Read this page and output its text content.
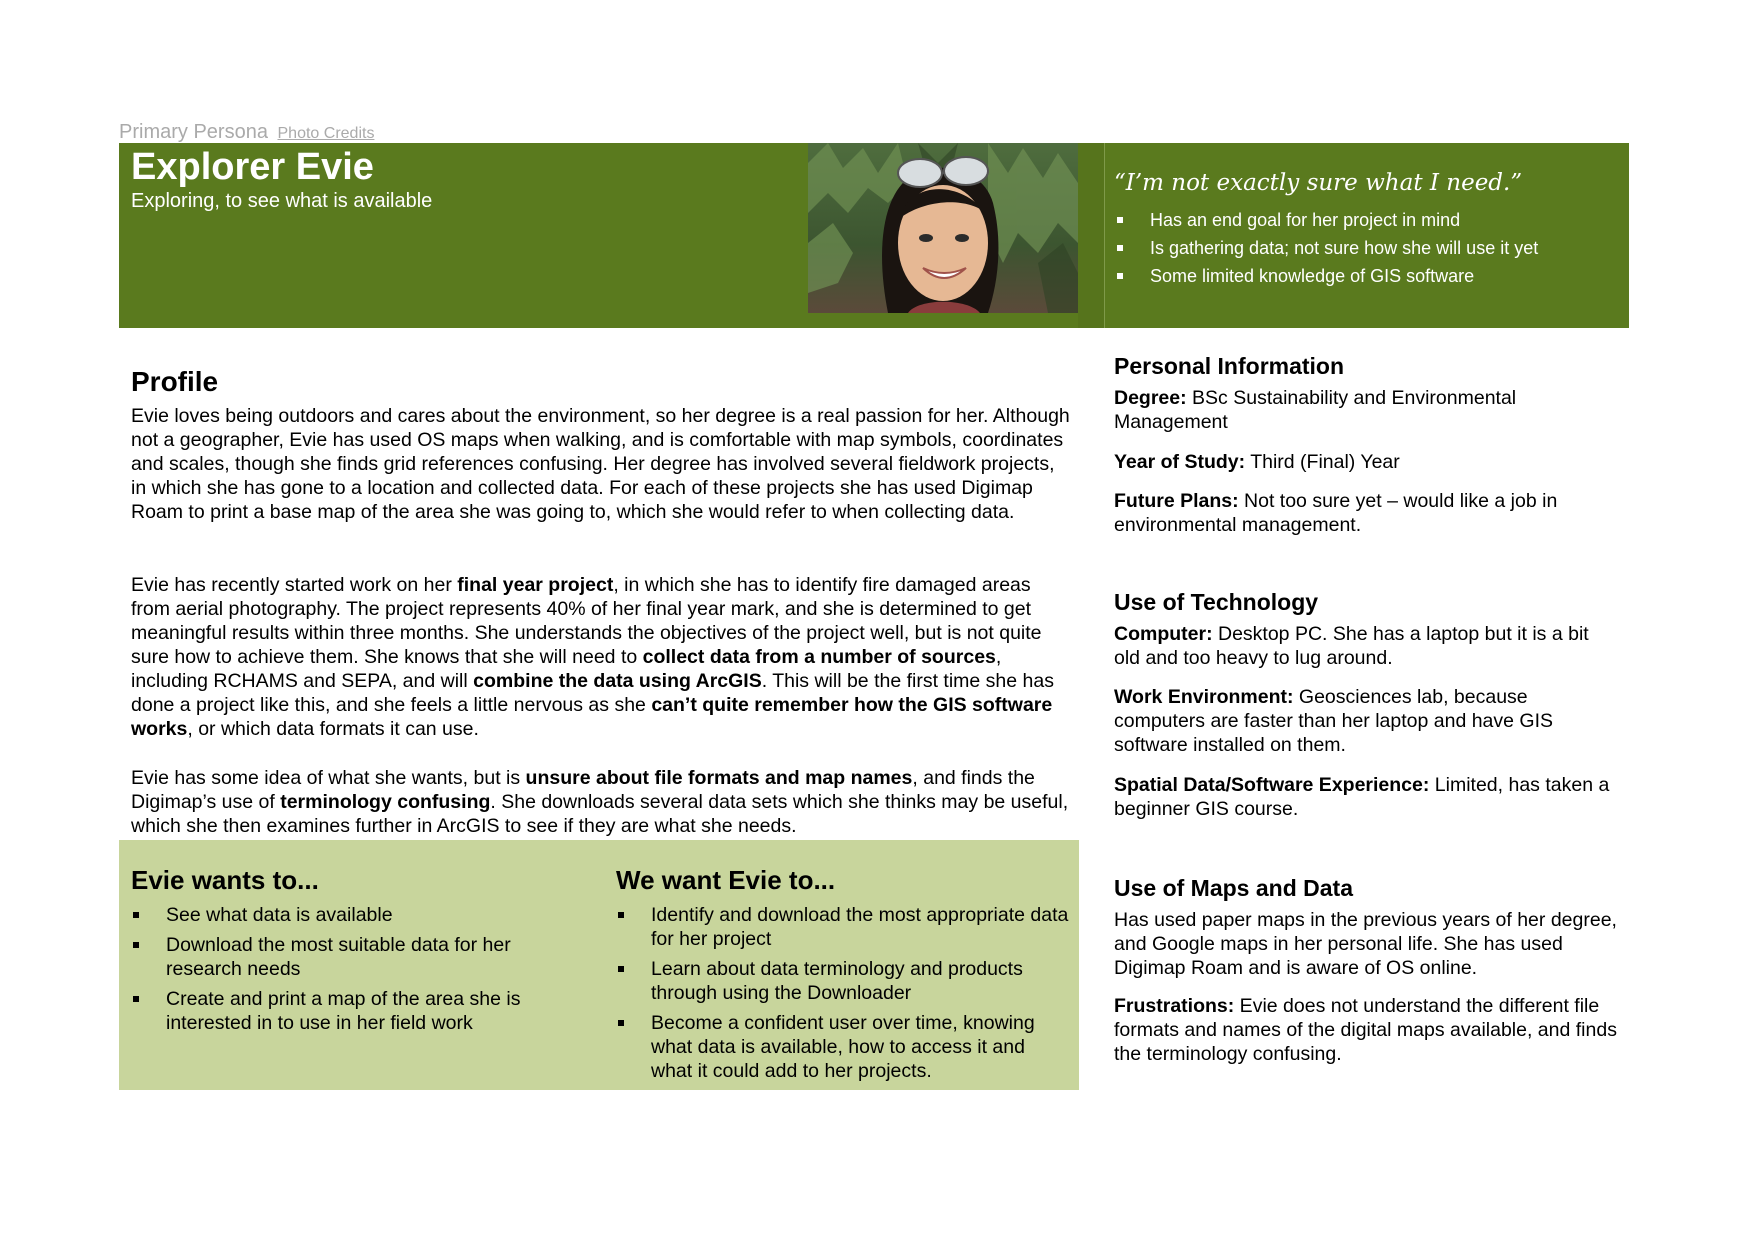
Primary Persona Photo Credits
Explorer Evie
Exploring, to see what is available
“I’m not exactly sure what I need.”
Has an end goal for her project in mind
Is gathering data; not sure how she will use it yet
Some limited knowledge of GIS software
Profile

Evie loves being outdoors and cares about the environment, so her degree is a real passion for her. Although not a geographer, Evie has used OS maps when walking, and is comfortable with map symbols, coordinates and scales, though she finds grid references confusing. Her degree has involved several fieldwork projects, in which she has gone to a location and collected data. For each of these projects she has used Digimap Roam to print a base map of the area she was going to, which she would refer to when collecting data.

Evie has recently started work on her final year project, in which she has to identify fire damaged areas from aerial photography. The project represents 40% of her final year mark, and she is determined to get meaningful results within three months. She understands the objectives of the project well, but is not quite sure how to achieve them. She knows that she will need to collect data from a number of sources, including RCHAMS and SEPA, and will combine the data using ArcGIS. This will be the first time she has done a project like this, and she feels a little nervous as she can’t quite remember how the GIS software works, or which data formats it can use.

Evie has some idea of what she wants, but is unsure about file formats and map names, and finds the Digimap’s use of terminology confusing. She downloads several data sets which she thinks may be useful, which she then examines further in ArcGIS to see if they are what she needs.

Evie wants to...	We want Evie to...
See what data is available
Download the most suitable data for her research needs
Create and print a map of the area she is interested in to use in her field work
Identify and download the most appropriate data for her project
Learn about data terminology and products through using the Downloader
Become a confident user over time, knowing what data is available, how to access it and what it could add to her projects.
Personal Information

Degree: BSc Sustainability and Environmental Management

Year of Study: Third (Final) Year

Future Plans: Not too sure yet – would like a job in environmental management.

Use of Technology

Computer: Desktop PC. She has a laptop but it is a bit old and too heavy to lug around.

Work Environment: Geosciences lab, because computers are faster than her laptop and have GIS software installed on them.

Spatial Data/Software Experience: Limited, has taken a beginner GIS course.

Use of Maps and Data

Has used paper maps in the previous years of her degree, and Google maps in her personal life. She has used Digimap Roam and is aware of OS online.

Frustrations: Evie does not understand the different file formats and names of the digital maps available, and finds the terminology confusing.
